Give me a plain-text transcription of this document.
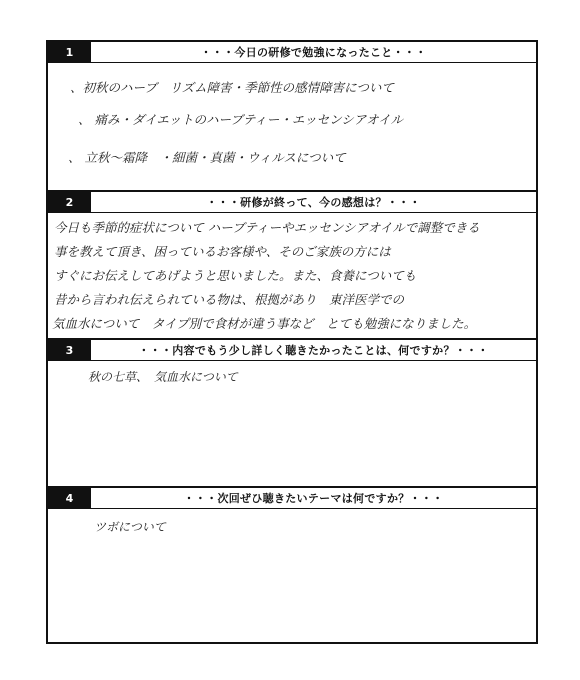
1	・・・今日の研修で勉強になったこと・・・
、初秋のハーブ　リズム障害・季節性の感情障害について
、 痛み・ダイエットのハーブティー・エッセンシアオイル
、 立秋〜霜降　・細菌・真菌・ウィルスについて
2	・・・研修が終って、今の感想は？・・・
今日も季節的症状について ハーブティーやエッセンシアオイルで調整できる
事を教えて頂き、困っているお客様や、そのご家族の方には
すぐにお伝えしてあげようと思いました。また、食養についても
昔から言われ伝えられている物は、根拠があり　東洋医学での
気血水について　タイプ別で食材が違う事など　とても勉強になりました。
3	・・・内容でもう少し詳しく聴きたかったことは、何ですか？・・・
秋の七草、　気血水について
4	・・・次回ぜひ聴きたいテーマは何ですか？・・・
ツボについて
